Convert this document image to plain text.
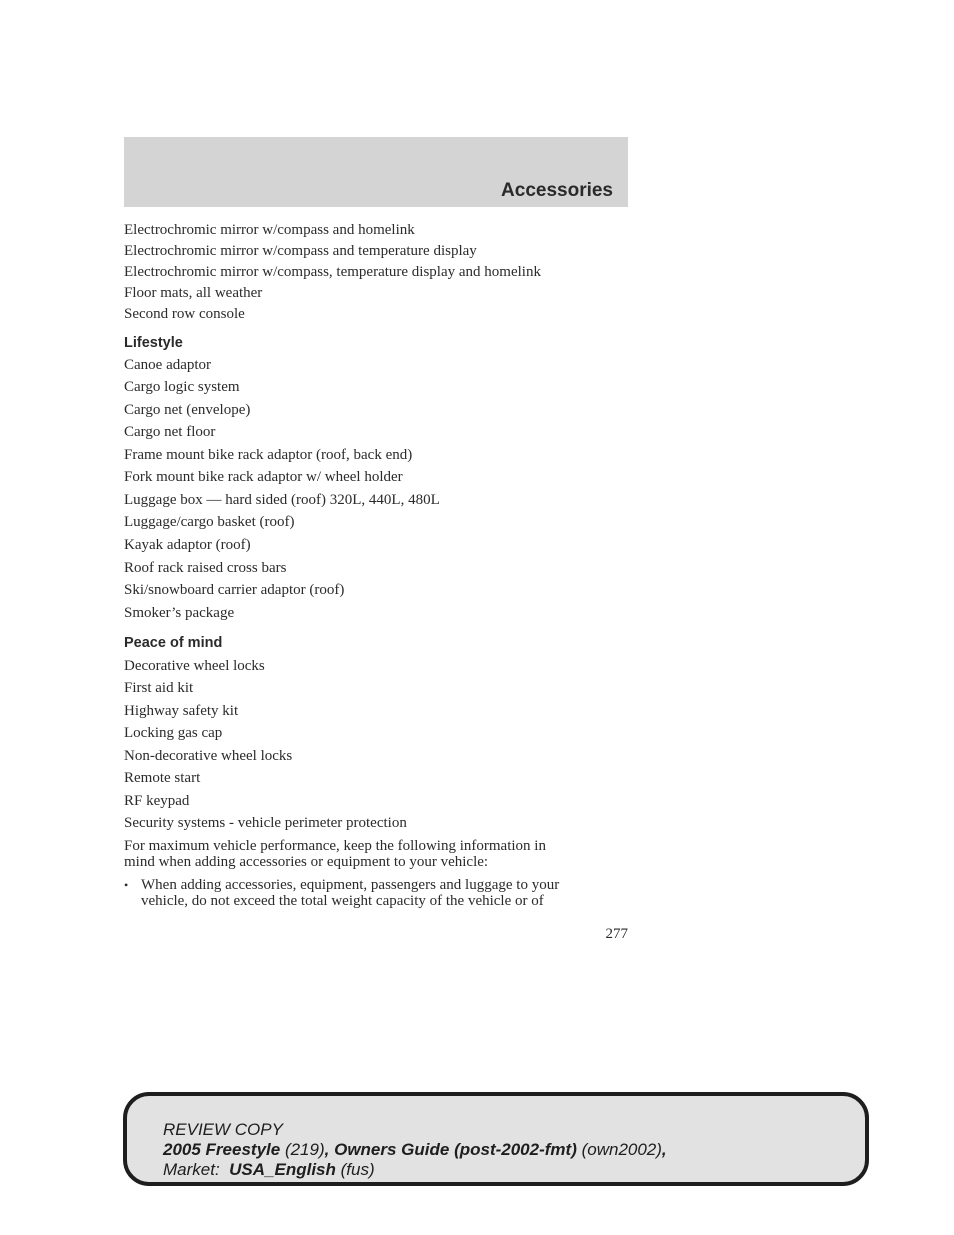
Accessories
Electrochromic mirror w/compass and homelink
Electrochromic mirror w/compass and temperature display
Electrochromic mirror w/compass, temperature display and homelink
Floor mats, all weather
Second row console
Lifestyle
Canoe adaptor
Cargo logic system
Cargo net (envelope)
Cargo net floor
Frame mount bike rack adaptor (roof, back end)
Fork mount bike rack adaptor w/ wheel holder
Luggage box — hard sided (roof) 320L, 440L, 480L
Luggage/cargo basket (roof)
Kayak adaptor (roof)
Roof rack raised cross bars
Ski/snowboard carrier adaptor (roof)
Smoker’s package
Peace of mind
Decorative wheel locks
First aid kit
Highway safety kit
Locking gas cap
Non-decorative wheel locks
Remote start
RF keypad
Security systems - vehicle perimeter protection
For maximum vehicle performance, keep the following information in
mind when adding accessories or equipment to your vehicle:
• When adding accessories, equipment, passengers and luggage to your
vehicle, do not exceed the total weight capacity of the vehicle or of
277
REVIEW COPY
2005 Freestyle (219), Owners Guide (post-2002-fmt) (own2002),
Market: USA_English (fus)
